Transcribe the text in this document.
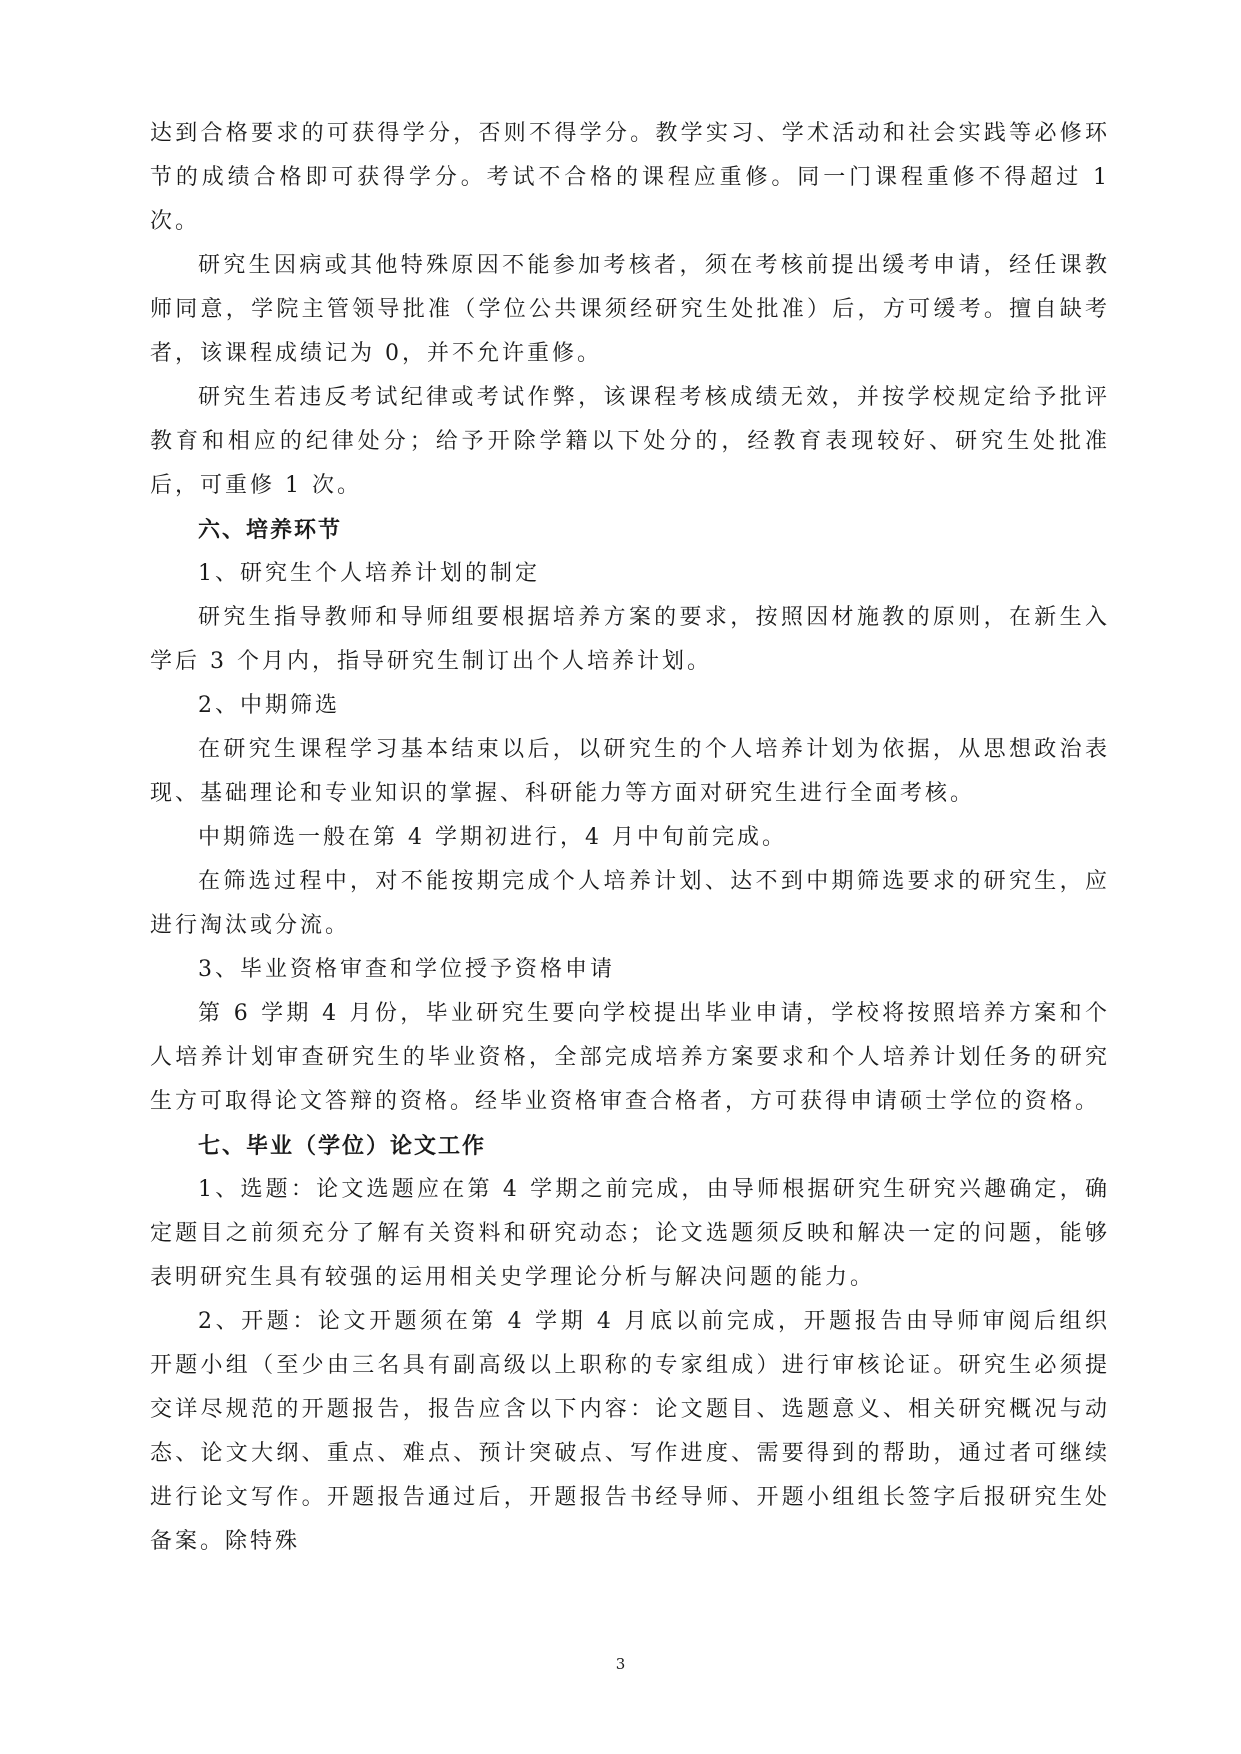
达到合格要求的可获得学分，否则不得学分。教学实习、学术活动和社会实践等必修环节的成绩合格即可获得学分。考试不合格的课程应重修。同一门课程重修不得超过 1 次。

研究生因病或其他特殊原因不能参加考核者，须在考核前提出缓考申请，经任课教师同意，学院主管领导批准（学位公共课须经研究生处批准）后，方可缓考。擅自缺考者，该课程成绩记为 0，并不允许重修。

研究生若违反考试纪律或考试作弊，该课程考核成绩无效，并按学校规定给予批评教育和相应的纪律处分；给予开除学籍以下处分的，经教育表现较好、研究生处批准后，可重修 1 次。

六、培养环节

1、研究生个人培养计划的制定

研究生指导教师和导师组要根据培养方案的要求，按照因材施教的原则，在新生入学后 3 个月内，指导研究生制订出个人培养计划。

2、中期筛选

在研究生课程学习基本结束以后，以研究生的个人培养计划为依据，从思想政治表现、基础理论和专业知识的掌握、科研能力等方面对研究生进行全面考核。

中期筛选一般在第 4 学期初进行，4 月中旬前完成。

在筛选过程中，对不能按期完成个人培养计划、达不到中期筛选要求的研究生，应进行淘汰或分流。

3、毕业资格审查和学位授予资格申请

第 6 学期 4 月份，毕业研究生要向学校提出毕业申请，学校将按照培养方案和个人培养计划审查研究生的毕业资格，全部完成培养方案要求和个人培养计划任务的研究生方可取得论文答辩的资格。经毕业资格审查合格者，方可获得申请硕士学位的资格。

七、毕业（学位）论文工作

1、选题：论文选题应在第 4 学期之前完成，由导师根据研究生研究兴趣确定，确定题目之前须充分了解有关资料和研究动态；论文选题须反映和解决一定的问题，能够表明研究生具有较强的运用相关史学理论分析与解决问题的能力。

2、开题：论文开题须在第 4 学期 4 月底以前完成，开题报告由导师审阅后组织开题小组（至少由三名具有副高级以上职称的专家组成）进行审核论证。研究生必须提交详尽规范的开题报告，报告应含以下内容：论文题目、选题意义、相关研究概况与动态、论文大纲、重点、难点、预计突破点、写作进度、需要得到的帮助，通过者可继续进行论文写作。开题报告通过后，开题报告书经导师、开题小组组长签字后报研究生处备案。除特殊

3
